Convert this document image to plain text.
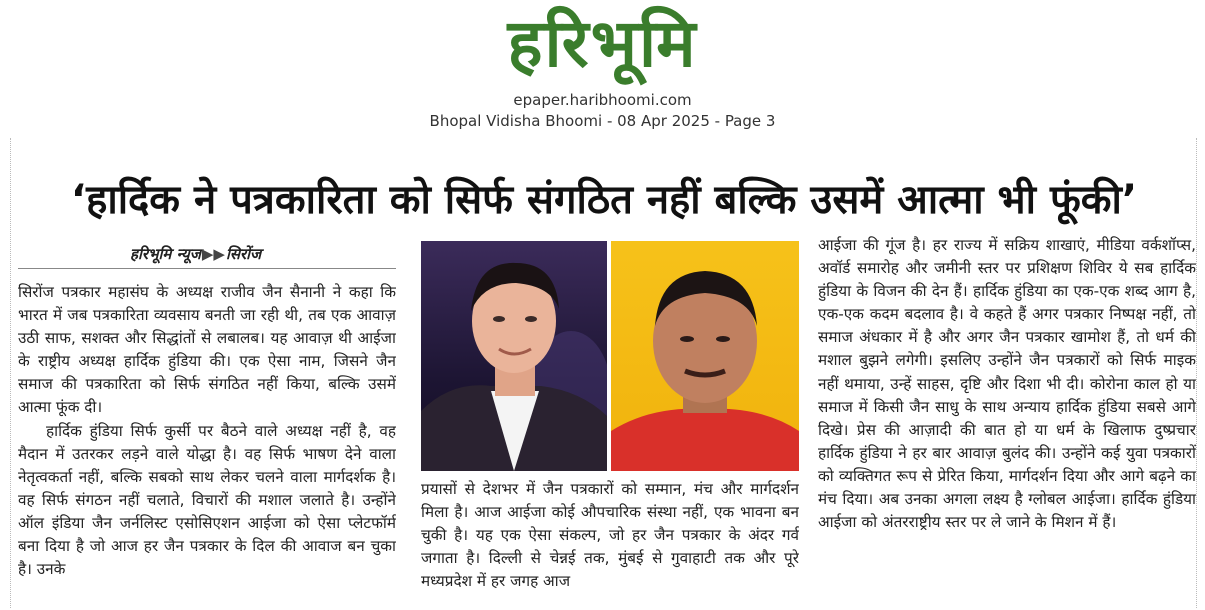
हरिभूमि
epaper.haribhoomi.com
Bhopal Vidisha Bhoomi - 08 Apr 2025 - Page 3
‘हार्दिक ने पत्रकारिता को सिर्फ संगठित नहीं बल्कि उसमें आत्मा भी फूंकी’
हरिभूमि न्यूज▶▶सिरोंज

सिरोंज पत्रकार महासंघ के अध्यक्ष राजीव जैन सैनानी ने कहा कि भारत में जब पत्रकारिता व्यवसाय बनती जा रही थी, तब एक आवाज़ उठी साफ, सशक्त और सिद्धांतों से लबालब। यह आवाज़ थी आईजा के राष्ट्रीय अध्यक्ष हार्दिक हुंडिया की। एक ऐसा नाम, जिसने जैन समाज की पत्रकारिता को सिर्फ संगठित नहीं किया, बल्कि उसमें आत्मा फूंक दी।

हार्दिक हुंडिया सिर्फ कुर्सी पर बैठने वाले अध्यक्ष नहीं है, वह मैदान में उतरकर लड़ने वाले योद्धा है। वह सिर्फ भाषण देने वाला नेतृत्वकर्ता नहीं, बल्कि सबको साथ लेकर चलने वाला मार्गदर्शक है। वह सिर्फ संगठन नहीं चलाते, विचारों की मशाल जलाते है। उन्होंने ऑल इंडिया जैन जर्नलिस्ट एसोसिएशन आईजा को ऐसा प्लेटफॉर्म बना दिया है जो आज हर जैन पत्रकार के दिल की आवाज बन चुका है। उनके

प्रयासों से देशभर में जैन पत्रकारों को सम्मान, मंच और मार्गदर्शन मिला है। आज आईजा कोई औपचारिक संस्था नहीं, एक भावना बन चुकी है। यह एक ऐसा संकल्प, जो हर जैन पत्रकार के अंदर गर्व जगाता है। दिल्ली से चेन्नई तक, मुंबई से गुवाहाटी तक और पूरे मध्यप्रदेश में हर जगह आज

आईजा की गूंज है। हर राज्य में सक्रिय शाखाएं, मीडिया वर्कशॉप्स, अवॉर्ड समारोह और जमीनी स्तर पर प्रशिक्षण शिविर ये सब हार्दिक हुंडिया के विजन की देन हैं। हार्दिक हुंडिया का एक-एक शब्द आग है, एक-एक कदम बदलाव है। वे कहते हैं अगर पत्रकार निष्पक्ष नहीं, तो समाज अंधकार में है और अगर जैन पत्रकार खामोश हैं, तो धर्म की मशाल बुझने लगेगी। इसलिए उन्होंने जैन पत्रकारों को सिर्फ माइक नहीं थमाया, उन्हें साहस, दृष्टि और दिशा भी दी। कोरोना काल हो या समाज में किसी जैन साधु के साथ अन्याय हार्दिक हुंडिया सबसे आगे दिखे। प्रेस की आज़ादी की बात हो या धर्म के खिलाफ दुष्प्रचार हार्दिक हुंडिया ने हर बार आवाज़ बुलंद की। उन्होंने कई युवा पत्रकारों को व्यक्तिगत रूप से प्रेरित किया, मार्गदर्शन दिया और आगे बढ़ने का मंच दिया। अब उनका अगला लक्ष्य है ग्लोबल आईजा। हार्दिक हुंडिया आईजा को अंतरराष्ट्रीय स्तर पर ले जाने के मिशन में हैं।
